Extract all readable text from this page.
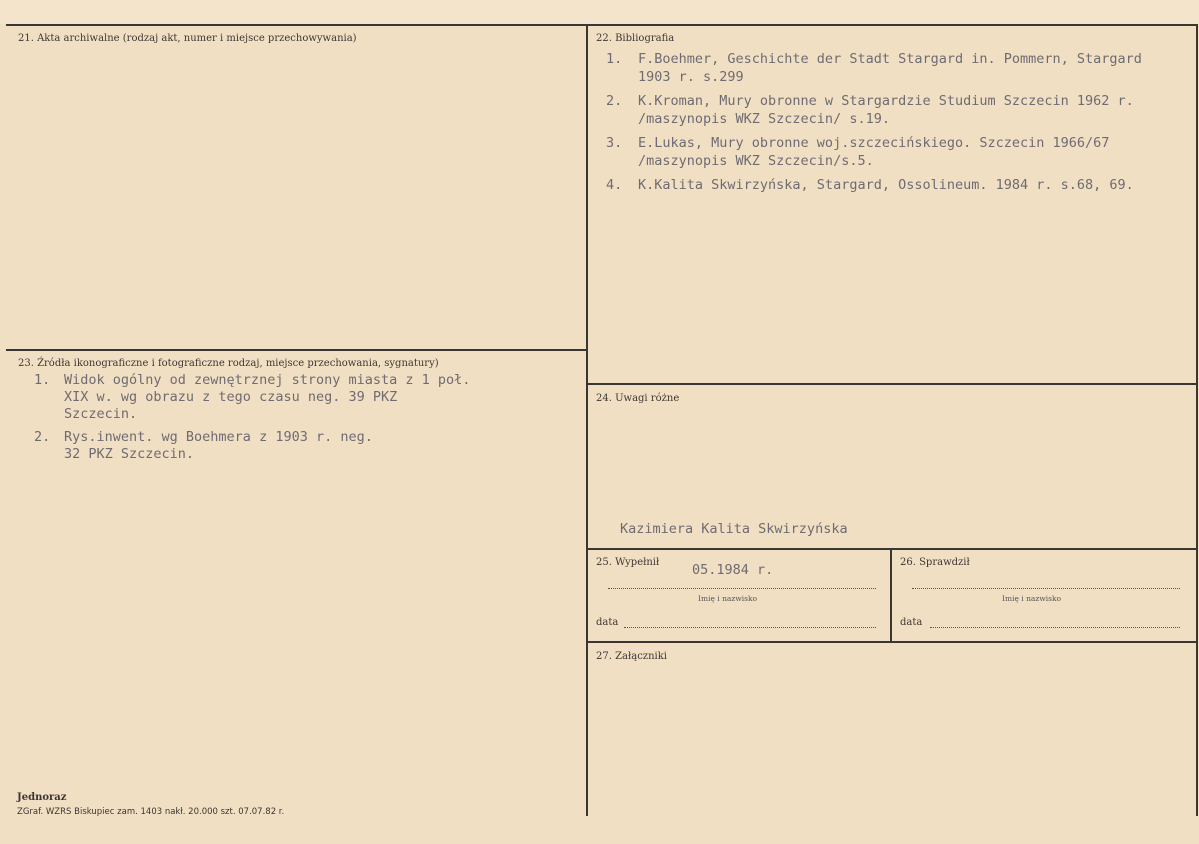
21. Akta archiwalne (rodzaj akt, numer i miejsce przechowywania)	22. Bibliografia
1.	F.Boehmer, Geschichte der Stadt Stargard in. Pommern, Stargard 1903 r. s.299
2.	K.Kroman, Mury obronne w Stargardzie Studium Szczecin 1962 r. /maszynopis WKZ Szczecin/ s.19.
3.	E.Lukas, Mury obronne woj.szczecińskiego. Szczecin 1966/67 /maszynopis WKZ Szczecin/s.5.
4.	K.Kalita Skwirzyńska, Stargard, Ossolineum. 1984 r. s.68, 69.
23. Źródła ikonograficzne i fotograficzne rodzaj, miejsce przechowania, sygnatury)
1.	Widok ogólny od zewnętrznej strony miasta z 1 poł. XIX w. wg obrazu z tego czasu neg. 39 PKZ Szczecin.
2.	Rys.inwent. wg Boehmera z 1903 r. neg. 32 PKZ Szczecin.
24. Uwagi różne
Kazimiera Kalita Skwirzyńska
25. Wypełnił 05.1984 r.
Imię i nazwisko
data
26. Sprawdził
Imię i nazwisko
data
27. Załączniki
Jednoraz
ZGraf. WZRS Biskupiec zam. 1403 nakł. 20.000 szt. 07.07.82 r.
